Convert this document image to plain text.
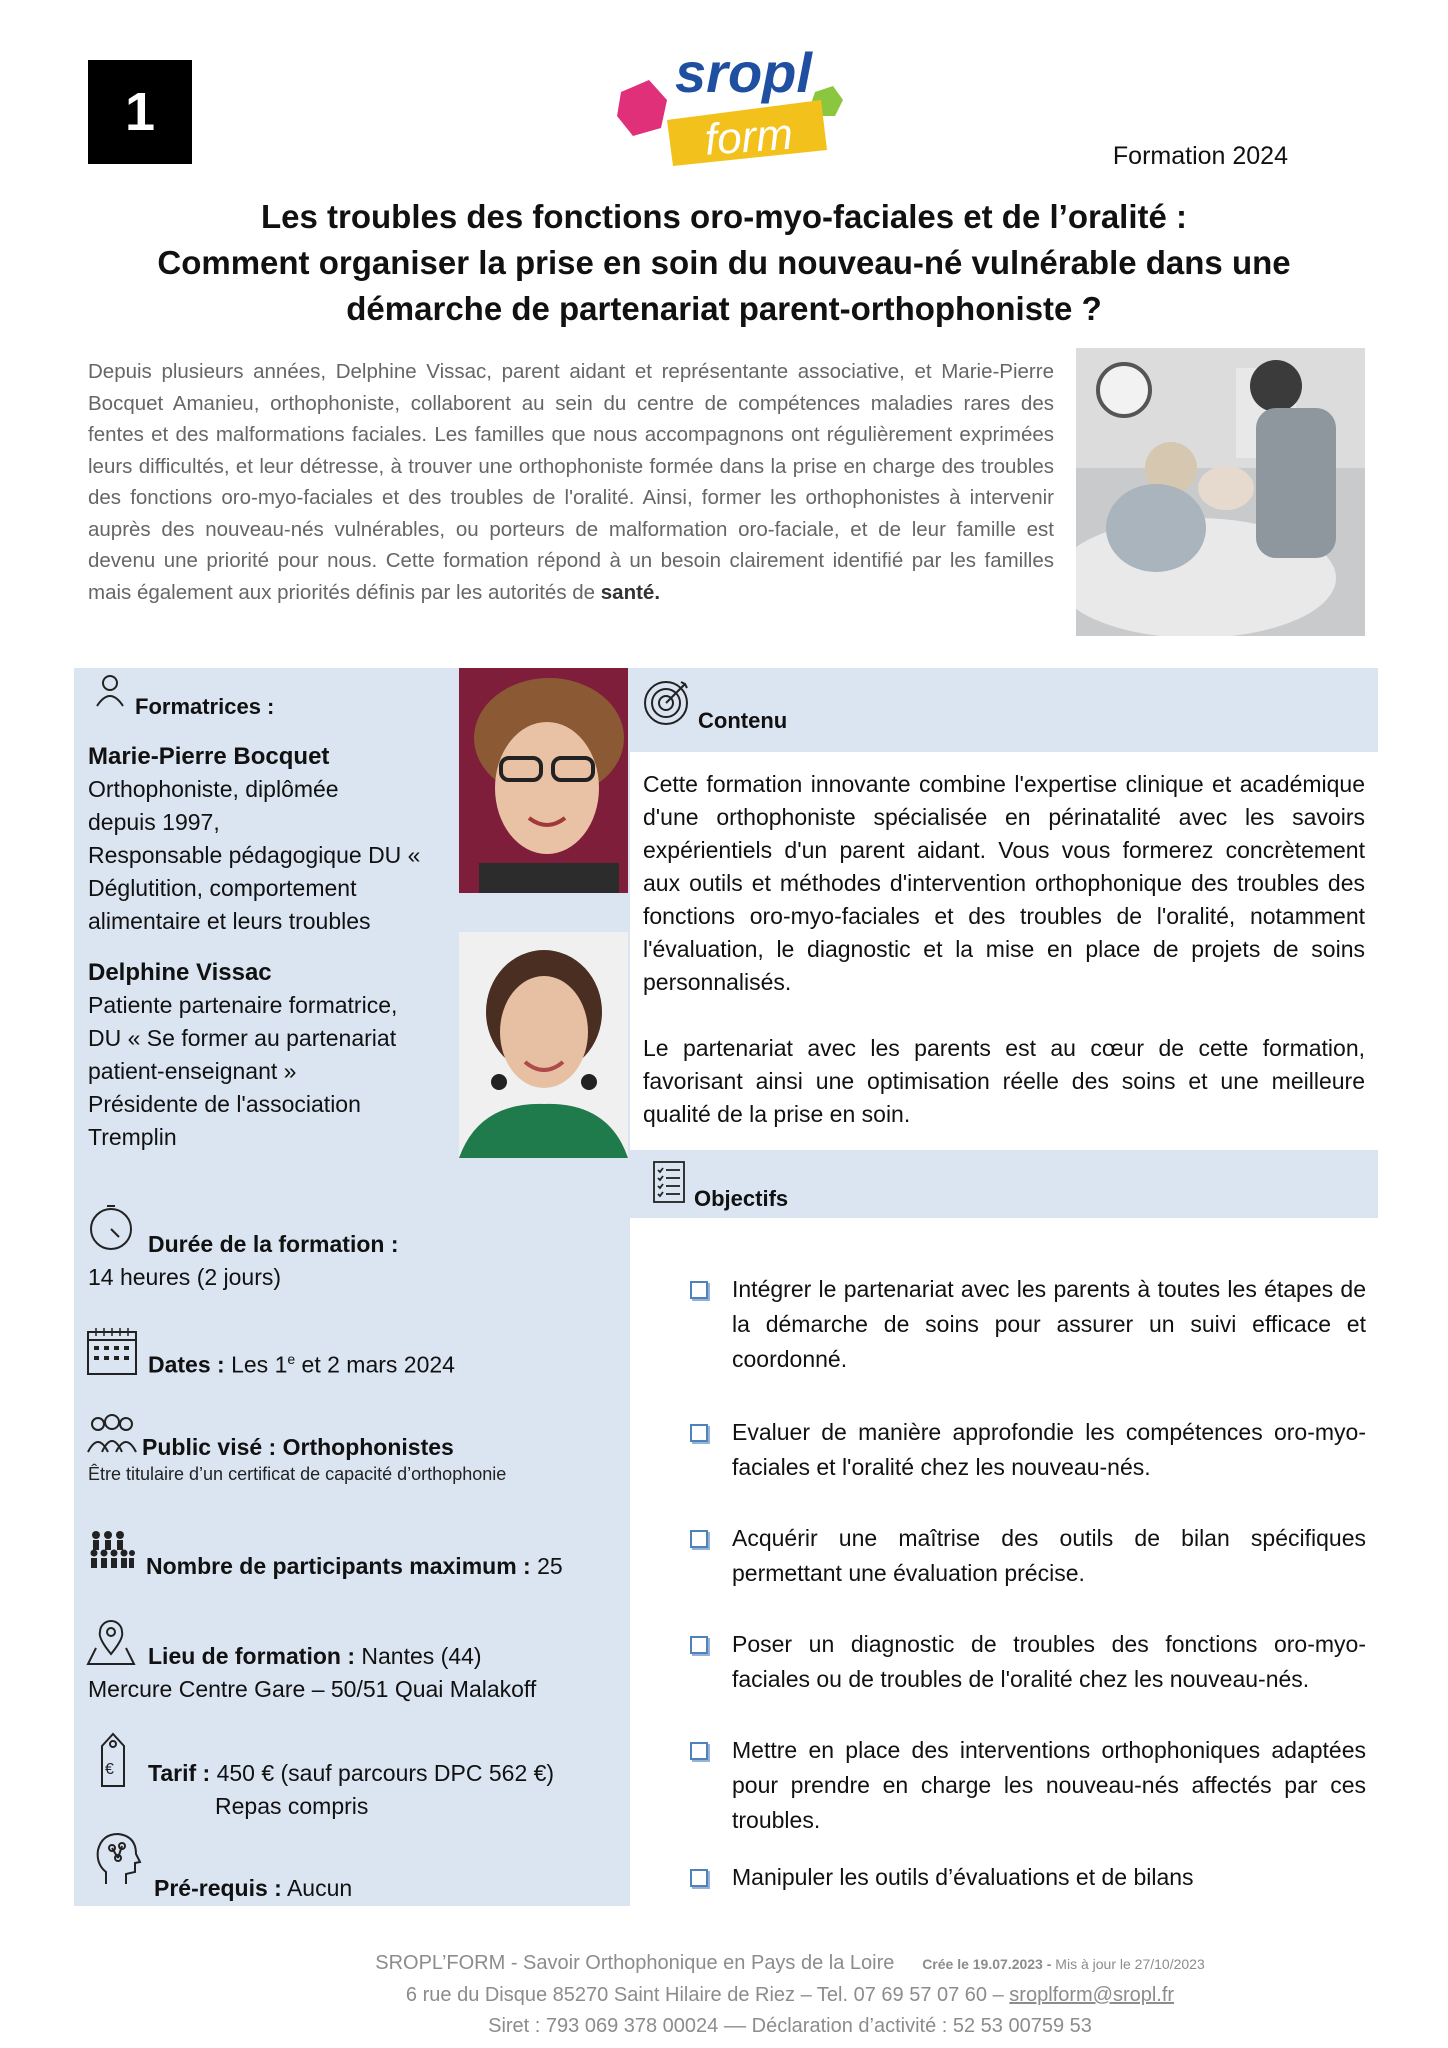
1
sropl
form	Formation 2024
Les troubles des fonctions oro-myo-faciales et de l’oralité :
Comment organiser la prise en soin du nouveau-né vulnérable dans une
démarche de partenariat parent-orthophoniste ?
Depuis plusieurs années, Delphine Vissac, parent aidant et représentante associative, et Marie-Pierre Bocquet Amanieu, orthophoniste, collaborent au sein du centre de compétences maladies rares des fentes et des malformations faciales. Les familles que nous accompagnons ont régulièrement exprimées leurs difficultés, et leur détresse, à trouver une orthophoniste formée dans la prise en charge des troubles des fonctions oro-myo-faciales et des troubles de l'oralité. Ainsi, former les orthophonistes à intervenir auprès des nouveau-nés vulnérables, ou porteurs de malformation oro-faciale, et de leur famille est devenu une priorité pour nous. Cette formation répond à un besoin clairement identifié par les familles mais également aux priorités définis par les autorités de santé.
Formatrices :
Marie-Pierre Bocquet
Orthophoniste, diplômée
depuis 1997,
Responsable pédagogique DU «
Déglutition, comportement
alimentaire et leurs troubles
Delphine Vissac
Patiente partenaire formatrice,
DU « Se former au partenariat
patient-enseignant »
Présidente de l'association
Tremplin
Durée de la formation :
14 heures (2 jours)
Dates : Les 1e et 2 mars 2024
Public visé : Orthophonistes
Être titulaire d’un certificat de capacité d’orthophonie
Nombre de participants maximum : 25
Lieu de formation : Nantes (44)
Mercure Centre Gare – 50/51 Quai Malakoff
€ Tarif : 450 € (sauf parcours DPC 562 €)
Repas compris
Pré-requis : Aucun
Contenu

Cette formation innovante combine l'expertise clinique et académique d'une orthophoniste spécialisée en périnatalité avec les savoirs expérientiels d'un parent aidant. Vous vous formerez concrètement aux outils et méthodes d'intervention orthophonique des troubles des fonctions oro-myo-faciales et des troubles de l'oralité, notamment l'évaluation, le diagnostic et la mise en place de projets de soins personnalisés.

Le partenariat avec les parents est au cœur de cette formation, favorisant ainsi une optimisation réelle des soins et une meilleure qualité de la prise en soin.

Objectifs
Intégrer le partenariat avec les parents à toutes les étapes de la démarche de soins pour assurer un suivi efficace et coordonné.
Evaluer de manière approfondie les compétences oro-myo-faciales et l'oralité chez les nouveau-nés.
Acquérir une maîtrise des outils de bilan spécifiques permettant une évaluation précise.
Poser un diagnostic de troubles des fonctions oro-myo-faciales ou de troubles de l'oralité chez les nouveau-nés.
Mettre en place des interventions orthophoniques adaptées pour prendre en charge les nouveau-nés affectés par ces troubles.
Manipuler les outils d’évaluations et de bilans
SROPL’FORM - Savoir Orthophonique en Pays de la Loire Crée le 19.07.2023 - Mis à jour le 27/10/2023
6 rue du Disque 85270 Saint Hilaire de Riez – Tel. 07 69 57 07 60 – sroplform@sropl.fr
Siret : 793 069 378 00024 –– Déclaration d’activité : 52 53 00759 53
